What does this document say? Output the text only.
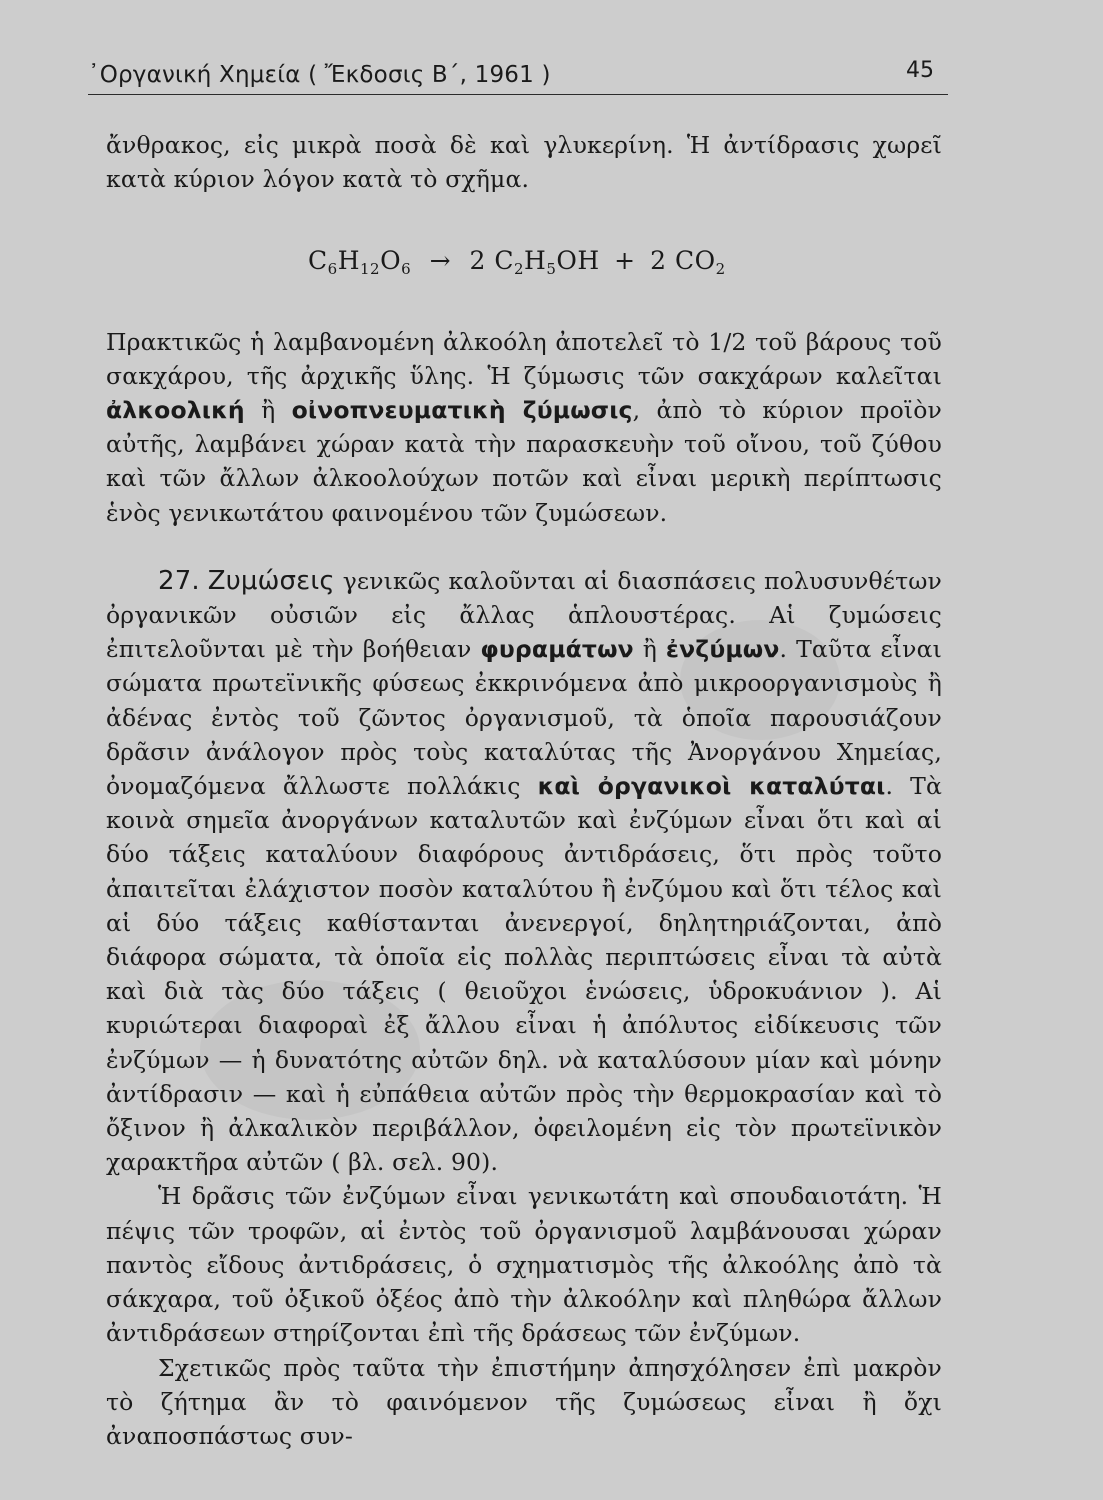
᾽Οργανική Χημεία ( Ἔκδοσις Β΄, 1961 )	45

ἄνθρακος, εἰς μικρὰ ποσὰ δὲ καὶ γλυκερίνη. Ἡ ἀντίδρασις χωρεῖ κατὰ κύριον λόγον κατὰ τὸ σχῆμα.

$C_6H_{12}O_6 \to 2$ $C_2H_5OH + 2$ $CO_2$

Πρακτικῶς ἡ λαμβανομένη ἀλκοόλη ἀποτελεῖ τὸ 1/2 τοῦ βάρους τοῦ σακχάρου, τῆς ἀρχικῆς ὕλης. Ἡ ζύμωσις τῶν σακχάρων καλεῖται ἀλκοολική ἢ οἰνοπνευματικὴ ζύμωσις, ἀπὸ τὸ κύριον προϊὸν αὐτῆς, λαμβάνει χώραν κατὰ τὴν παρασκευὴν τοῦ οἴνου, τοῦ ζύθου καὶ τῶν ἄλλων ἀλκοολούχων ποτῶν καὶ εἶναι μερικὴ περίπτωσις ἑνὸς γενικωτάτου φαινομένου τῶν ζυμώσεων.

27. Ζυμώσεις γενικῶς καλοῦνται αἱ διασπάσεις πολυσυνθέτων ὀργανικῶν οὐσιῶν εἰς ἄλλας ἁπλουστέρας. Αἱ ζυμώσεις ἐπιτελοῦνται μὲ τὴν βοήθειαν φυραμάτων ἢ ἐνζύμων. Ταῦτα εἶναι σώματα πρωτεϊνικῆς φύσεως ἐκκρινόμενα ἀπὸ μικροοργανισμοὺς ἢ ἀδένας ἐντὸς τοῦ ζῶντος ὀργανισμοῦ, τὰ ὁποῖα παρουσιάζουν δρᾶσιν ἀνάλογον πρὸς τοὺς καταλύτας τῆς Ἀνοργάνου Χημείας, ὀνομαζόμενα ἄλλωστε πολλάκις καὶ ὀργανικοὶ καταλύται. Τὰ κοινὰ σημεῖα ἀνοργάνων καταλυτῶν καὶ ἐνζύμων εἶναι ὅτι καὶ αἱ δύο τάξεις καταλύουν διαφόρους ἀντιδράσεις, ὅτι πρὸς τοῦτο ἀπαιτεῖται ἐλάχιστον ποσὸν καταλύτου ἢ ἐνζύμου καὶ ὅτι τέλος καὶ αἱ δύο τάξεις καθίστανται ἀνενεργοί, δηλητηριάζονται, ἀπὸ διάφορα σώματα, τὰ ὁποῖα εἰς πολλὰς περιπτώσεις εἶναι τὰ αὐτὰ καὶ διὰ τὰς δύο τάξεις ( θειοῦχοι ἑνώσεις, ὑδροκυάνιον ). Αἱ κυριώτεραι διαφοραὶ ἐξ ἄλλου εἶναι ἡ ἀπόλυτος εἰδίκευσις τῶν ἐνζύμων — ἡ δυνατότης αὐτῶν δηλ. νὰ καταλύσουν μίαν καὶ μόνην ἀντίδρασιν — καὶ ἡ εὐπάθεια αὐτῶν πρὸς τὴν θερμοκρασίαν καὶ τὸ ὄξινον ἢ ἀλκαλικὸν περιβάλλον, ὀφειλομένη εἰς τὸν πρωτεϊνικὸν χαρακτῆρα αὐτῶν ( βλ. σελ. 90).

Ἡ δρᾶσις τῶν ἐνζύμων εἶναι γενικωτάτη καὶ σπουδαιοτάτη. Ἡ πέψις τῶν τροφῶν, αἱ ἐντὸς τοῦ ὀργανισμοῦ λαμβάνουσαι χώραν παντὸς εἴδους ἀντιδράσεις, ὁ σχηματισμὸς τῆς ἀλκοόλης ἀπὸ τὰ σάκχαρα, τοῦ ὀξικοῦ ὀξέος ἀπὸ τὴν ἀλκοόλην καὶ πληθώρα ἄλλων ἀντιδράσεων στηρίζονται ἐπὶ τῆς δράσεως τῶν ἐνζύμων.

Σχετικῶς πρὸς ταῦτα τὴν ἐπιστήμην ἀπησχόλησεν ἐπὶ μακρὸν τὸ ζήτημα ἂν τὸ φαινόμενον τῆς ζυμώσεως εἶναι ἢ ὄχι ἀναποσπάστως συν-
